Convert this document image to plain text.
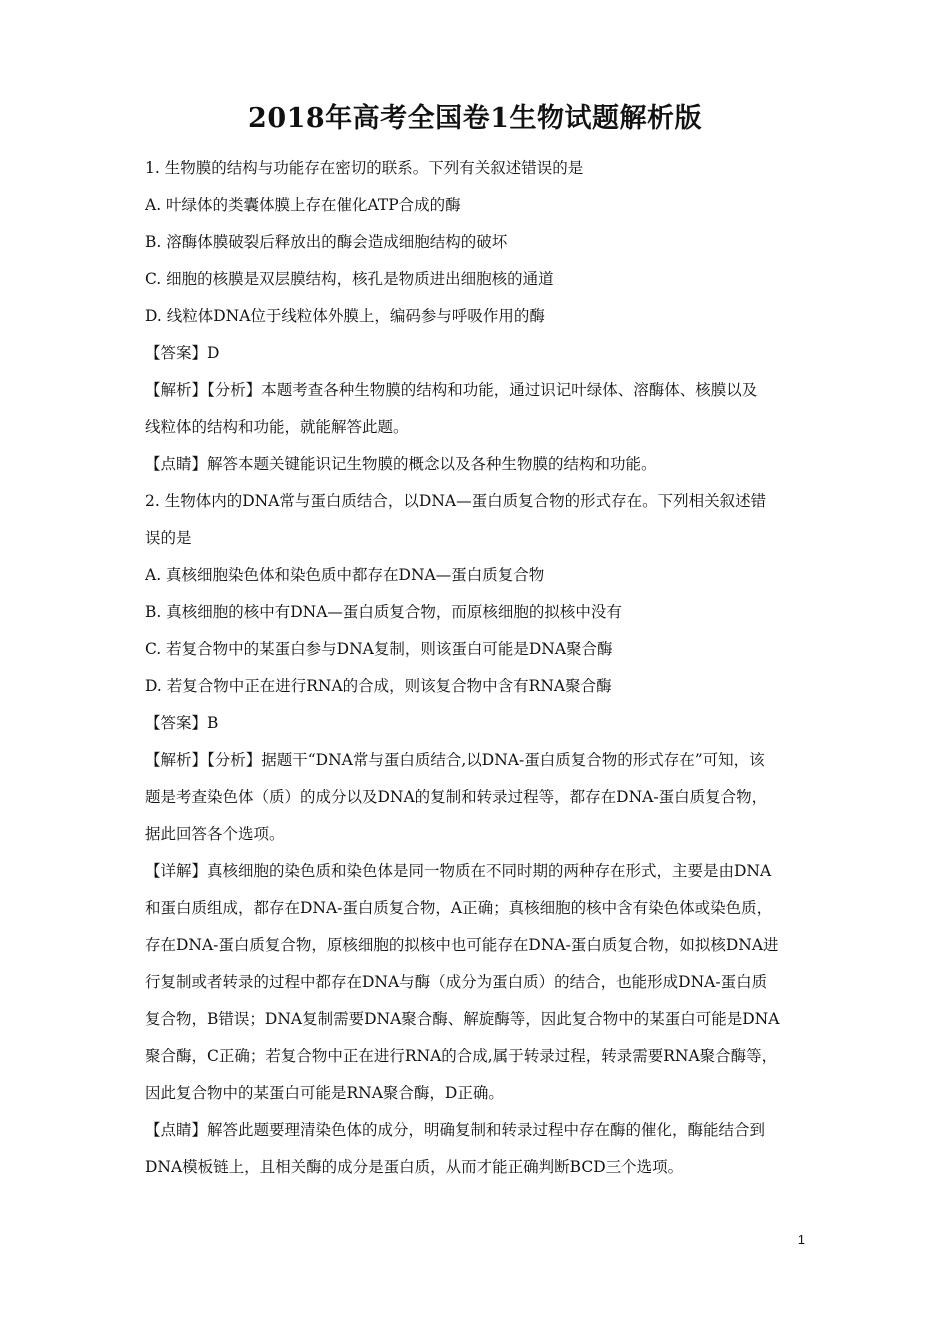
2018年高考全国卷1生物试题解析版
1. 生物膜的结构与功能存在密切的联系。下列有关叙述错误的是
A. 叶绿体的类囊体膜上存在催化ATP合成的酶
B. 溶酶体膜破裂后释放出的酶会造成细胞结构的破坏
C. 细胞的核膜是双层膜结构，核孔是物质进出细胞核的通道
D. 线粒体DNA位于线粒体外膜上，编码参与呼吸作用的酶
【答案】D
【解析】【分析】本题考查各种生物膜的结构和功能，通过识记叶绿体、溶酶体、核膜以及
线粒体的结构和功能，就能解答此题。
【点睛】解答本题关键能识记生物膜的概念以及各种生物膜的结构和功能。
2. 生物体内的DNA常与蛋白质结合，以DNA—蛋白质复合物的形式存在。下列相关叙述错
误的是
A. 真核细胞染色体和染色质中都存在DNA—蛋白质复合物
B. 真核细胞的核中有DNA—蛋白质复合物，而原核细胞的拟核中没有
C. 若复合物中的某蛋白参与DNA复制，则该蛋白可能是DNA聚合酶
D. 若复合物中正在进行RNA的合成，则该复合物中含有RNA聚合酶
【答案】B
【解析】【分析】据题干“DNA常与蛋白质结合,以DNA-蛋白质复合物的形式存在”可知，该
题是考查染色体（质）的成分以及DNA的复制和转录过程等，都存在DNA-蛋白质复合物，
据此回答各个选项。
【详解】真核细胞的染色质和染色体是同一物质在不同时期的两种存在形式，主要是由DNA
和蛋白质组成，都存在DNA-蛋白质复合物，A正确；真核细胞的核中含有染色体或染色质，
存在DNA-蛋白质复合物，原核细胞的拟核中也可能存在DNA-蛋白质复合物，如拟核DNA进
行复制或者转录的过程中都存在DNA与酶（成分为蛋白质）的结合，也能形成DNA-蛋白质
复合物，B错误；DNA复制需要DNA聚合酶、解旋酶等，因此复合物中的某蛋白可能是DNA
聚合酶，C正确；若复合物中正在进行RNA的合成,属于转录过程，转录需要RNA聚合酶等，
因此复合物中的某蛋白可能是RNA聚合酶，D正确。
【点睛】解答此题要理清染色体的成分，明确复制和转录过程中存在酶的催化，酶能结合到
DNA模板链上，且相关酶的成分是蛋白质，从而才能正确判断BCD三个选项。
1
